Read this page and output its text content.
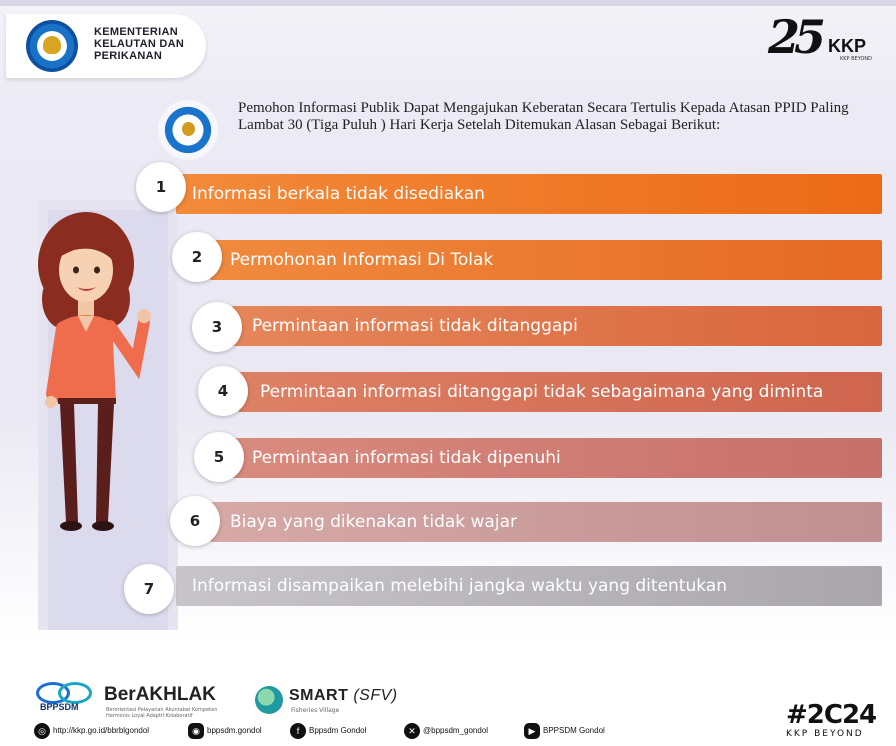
KEMENTERIAN
KELAUTAN DAN
PERIKANAN	25 KKP
KKP BEYOND
Pemohon Informasi Publik Dapat Mengajukan Keberatan Secara Tertulis Kepada Atasan PPID Paling Lambat 30 (Tiga Puluh ) Hari Kerja Setelah Ditemukan Alasan Sebagai Berikut:
Informasi berkala tidak disediakan
1
Permohonan Informasi Di Tolak
2
Permintaan informasi tidak ditanggapi
3
Permintaan informasi ditanggapi tidak sebagaimana yang diminta
4
Permintaan informasi tidak dipenuhi
5
Biaya yang dikenakan tidak wajar
6
Informasi disampaikan melebihi jangka waktu yang ditentukan
7
BPPSDM
BerAKHLAK
Berorientasi Pelayanan Akuntabel Kompeten Harmonis Loyal Adaptif Kolaboratif
SMART (SFV)
Fisheries Village
◎ http://kkp.go.id/bbrblgondol	◉ bppsdm.gondol	f Bppsdm Gondol	✕ @bppsdm_gondol	▶ BPPSDM Gondol
#2C24
KKP BEYOND
